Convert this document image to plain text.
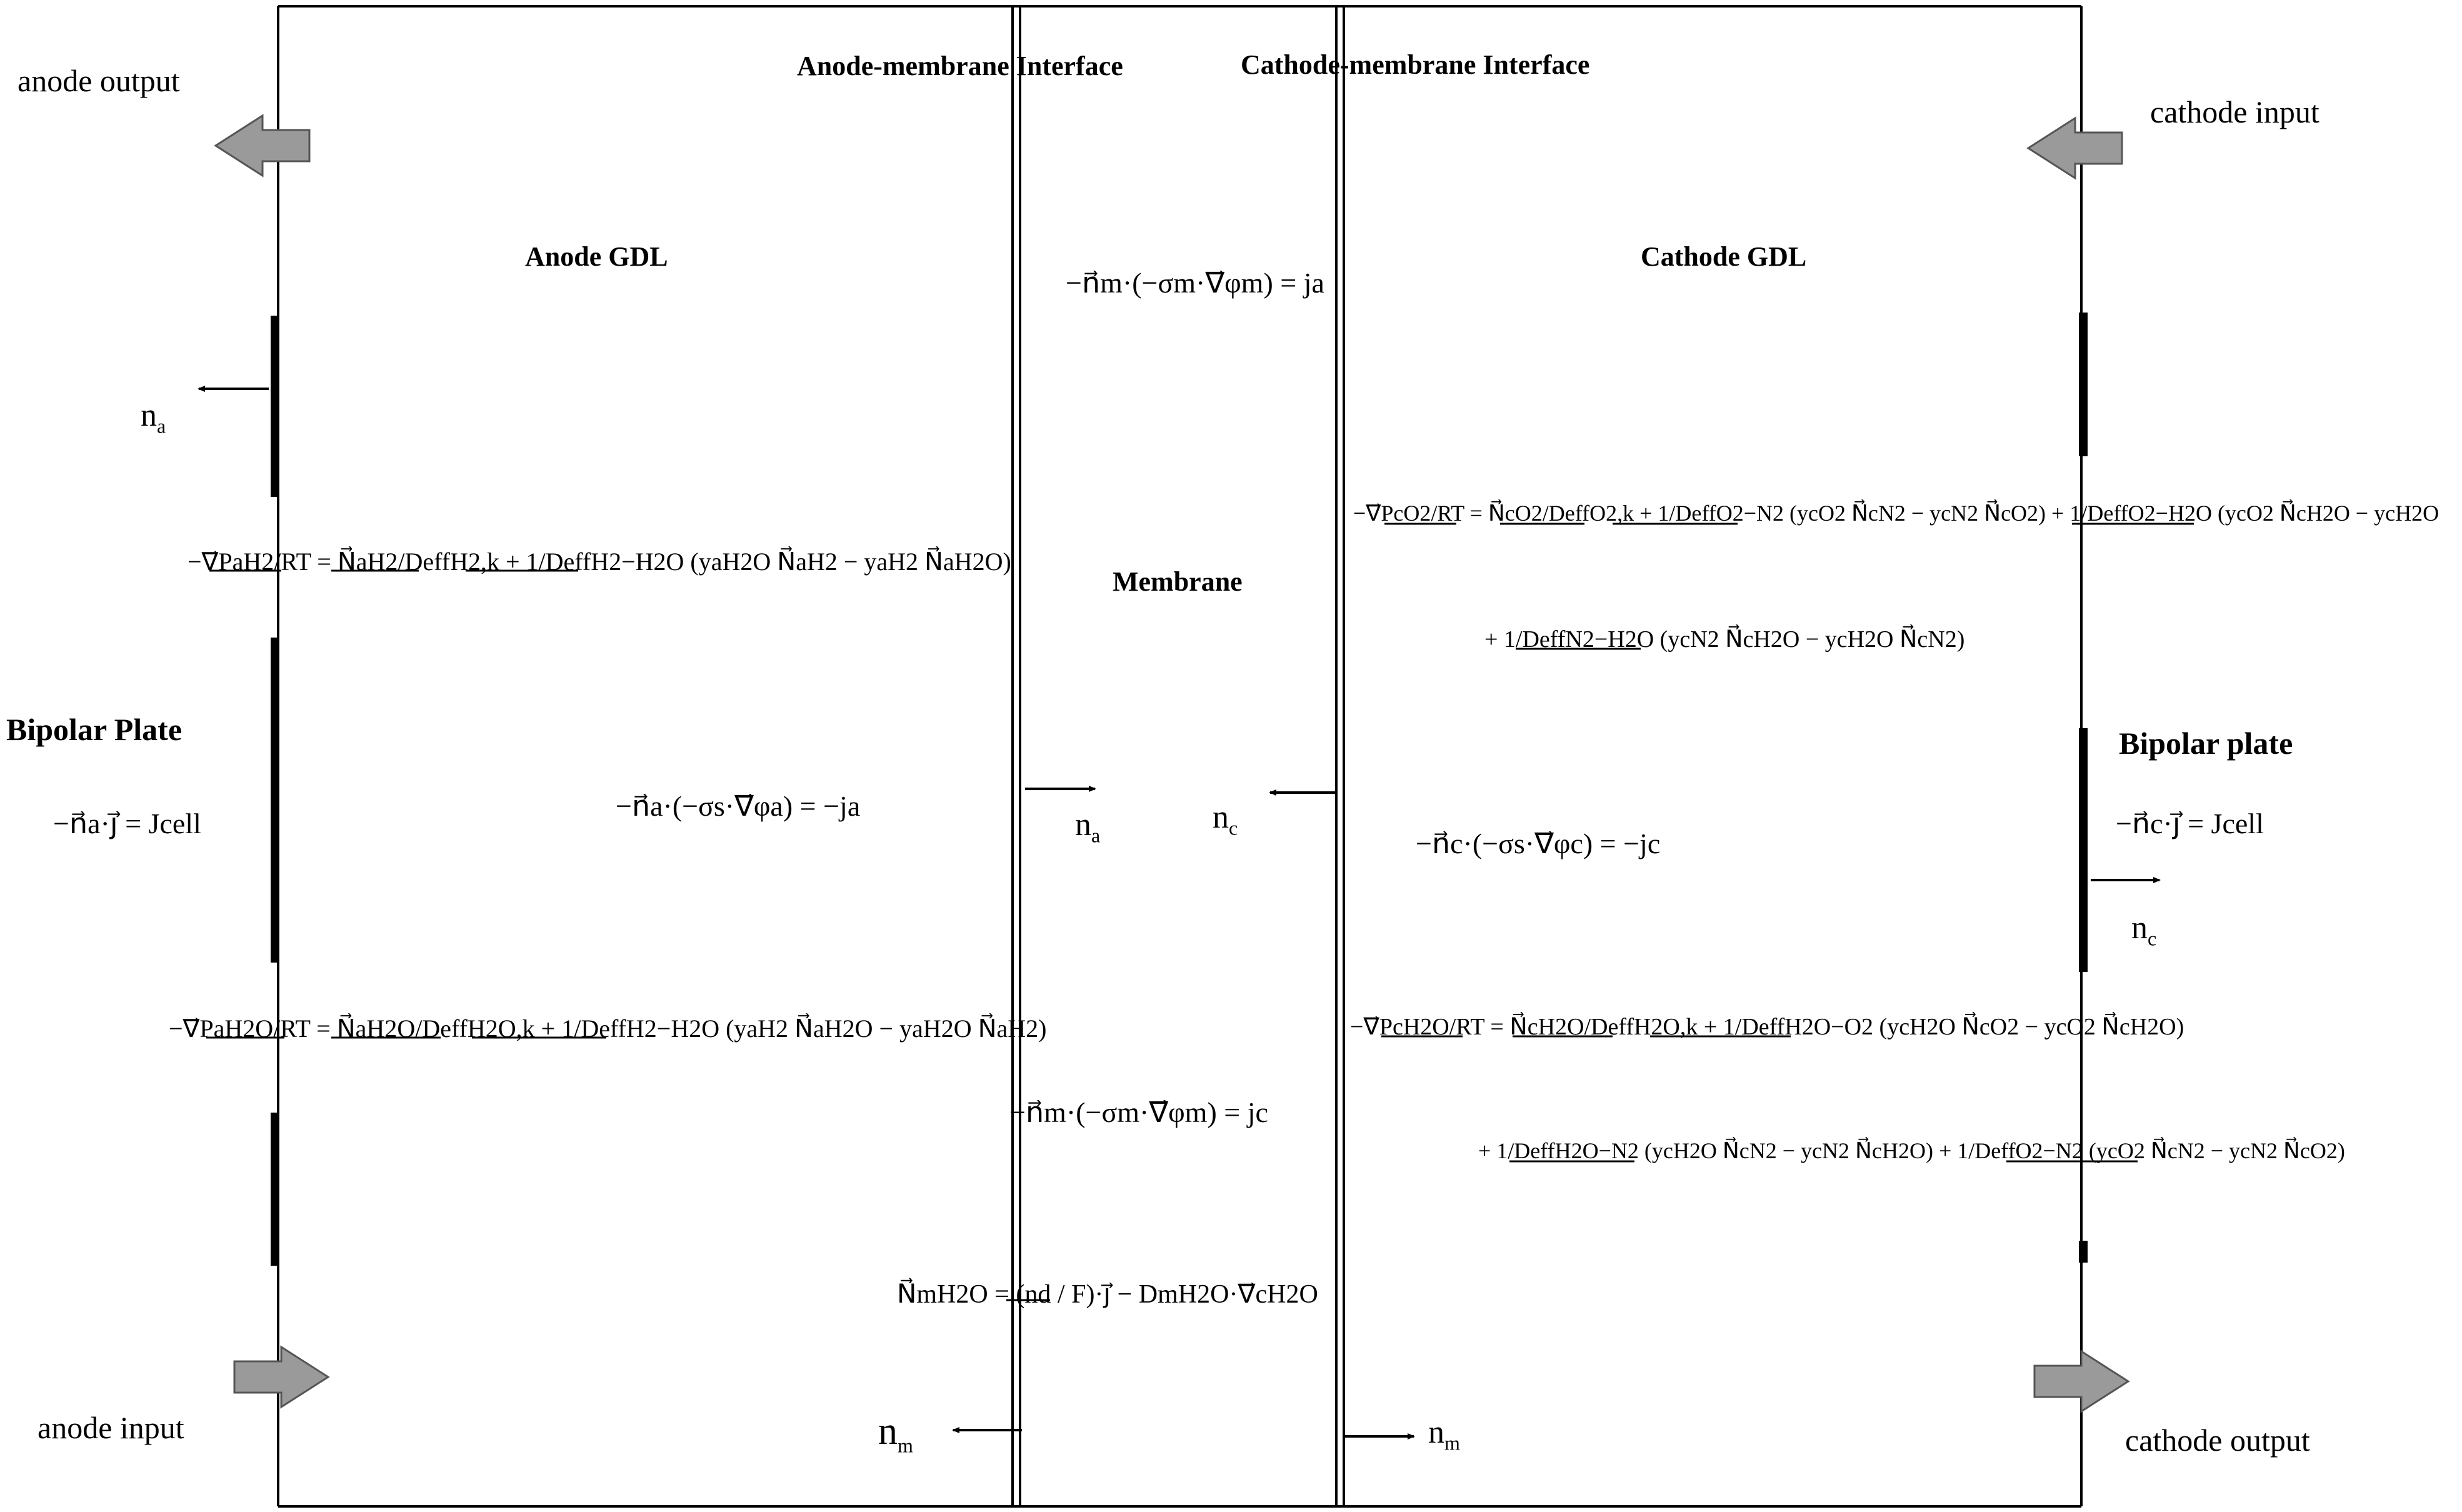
anode output
anode input
cathode input
cathode output
Anode-membrane Interface	Cathode-membrane Interface
Anode GDL	Cathode GDL
Membrane
Bipolar Plate	Bipolar plate
$n_a$
$n_a$
$n_c$
$n_c$
$n_m$	$n_m$
−n⃗a·j⃗ = Jcell	−n⃗c·j⃗ = Jcell
−n⃗a·(−σs·∇⃗φa) = −ja
−n⃗c·(−σs·∇⃗φc) = −jc
−n⃗m·(−σm·∇⃗φm) = ja
−n⃗m·(−σm·∇⃗φm) = jc
N⃗mH2O = (nd / F)·j⃗ − DmH2O·∇⃗cH2O
−∇⃗PaH2/RT = N⃗aH2/DeffH2,k + 1/DeffH2−H2O (yaH2O N⃗aH2 − yaH2 N⃗aH2O)
−∇⃗PaH2O/RT = N⃗aH2O/DeffH2O,k + 1/DeffH2−H2O (yaH2 N⃗aH2O − yaH2O N⃗aH2)
−∇⃗PcO2/RT = N⃗cO2/DeffO2,k + 1/DeffO2−N2 (ycO2 N⃗cN2 − ycN2 N⃗cO2) + 1/DeffO2−H2O (ycO2 N⃗cH2O − ycH2O
+ 1/DeffN2−H2O (ycN2 N⃗cH2O − ycH2O N⃗cN2)
−∇⃗PcH2O/RT = N⃗cH2O/DeffH2O,k + 1/DeffH2O−O2 (ycH2O N⃗cO2 − ycO2 N⃗cH2O)
+ 1/DeffH2O−N2 (ycH2O N⃗cN2 − ycN2 N⃗cH2O) + 1/DeffO2−N2 (ycO2 N⃗cN2 − ycN2 N⃗cO2)
